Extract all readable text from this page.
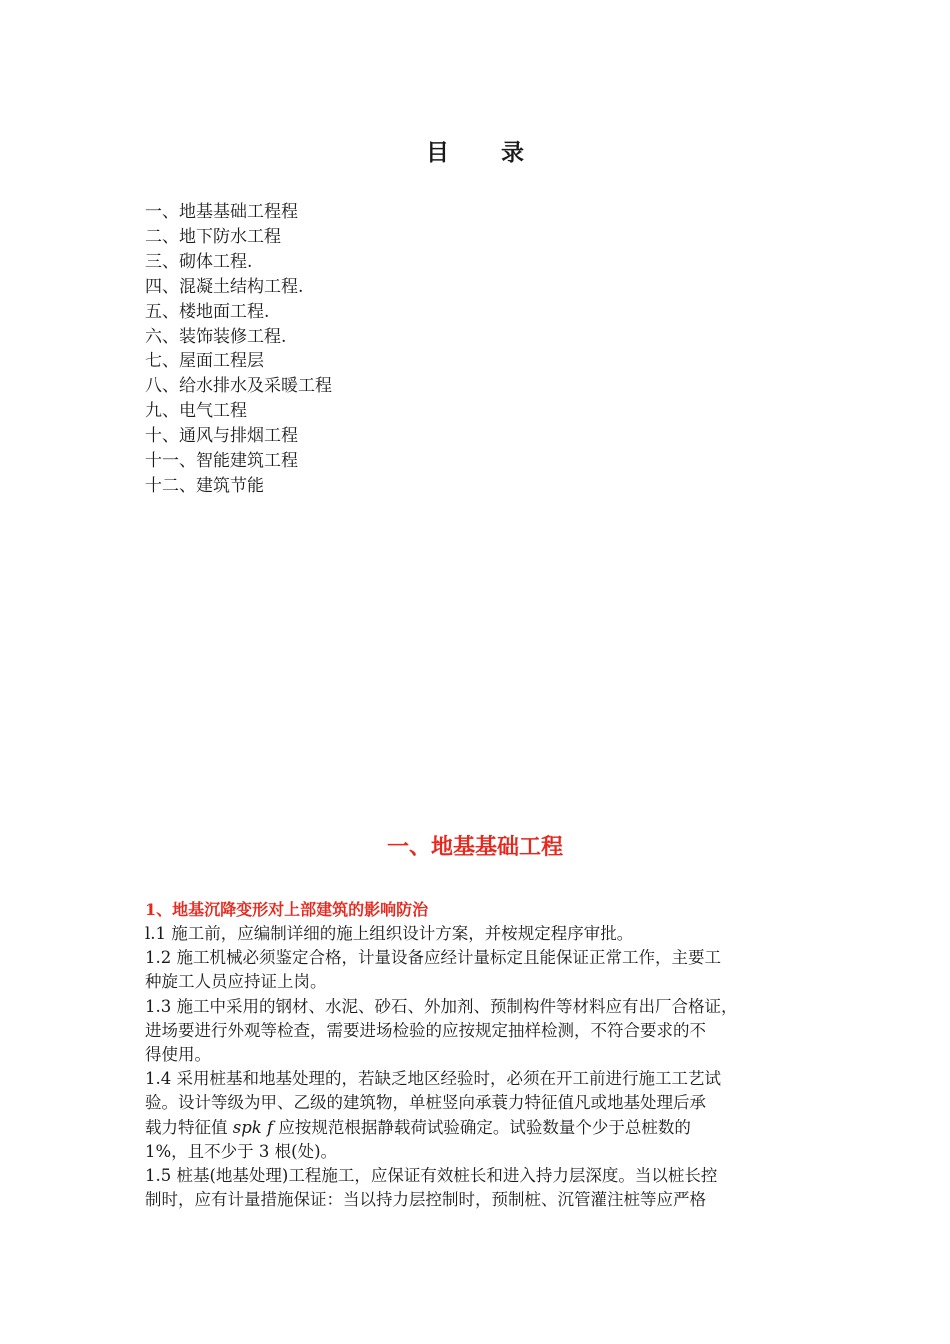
目 录
一、地基基础工程程
二、地下防水工程
三、砌体工程.
四、混凝土结构工程.
五、楼地面工程.
六、装饰装修工程.
七、屋面工程层
八、给水排水及采暖工程
九、电气工程
十、通风与排烟工程
十一、智能建筑工程
十二、建筑节能
一、地基基础工程
1、地基沉降变形对上部建筑的影响防治
l.1 施工前，应编制详细的施上组织设计方案，并桉规定程序审批。
1.2 施工机械必须鉴定合格，计量设备应经计量标定且能保证正常工作，主要工
种旋工人员应持证上岗。
1.3 施工中采用的钢材、水泥、砂石、外加剂、预制构件等材料应有出厂合格证，
进场要进行外观等检查，需要进场检验的应按规定抽样检测，不符合要求的不
得使用。
1.4 采用桩基和地基处理的，若缺乏地区经验时，必须在开工前进行施工工艺试
验。设计等级为甲、乙级的建筑物，单桩竖向承蓑力特征值凡或地基处理后承
载力特征值 spk f 应按规范根据静载荷试验确定。试验数量个少于总桩数的
1%，且不少于 3 根(处)。
1.5 桩基(地基处理)工程施工，应保证有效桩长和进入持力层深度。当以桩长控
制时，应有计量措施保证：当以持力层控制时，预制桩、沉管灌注桩等应严格
